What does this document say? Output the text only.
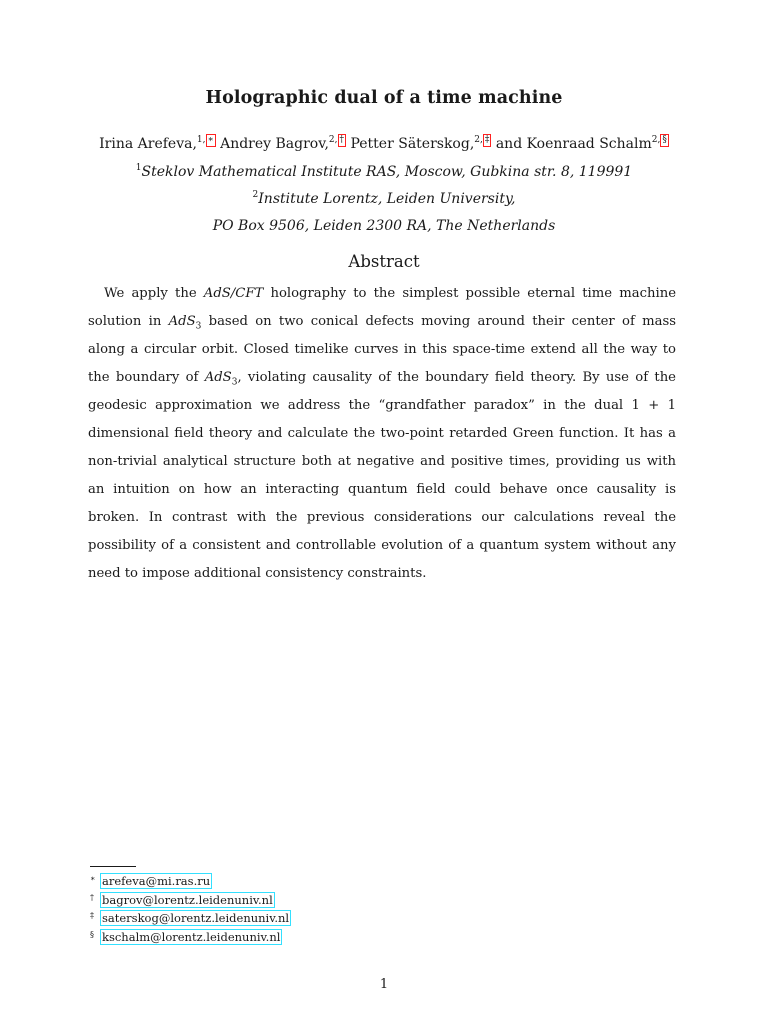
Holographic dual of a time machine
Irina Arefeva,$^{1, ∗}$ Andrey Bagrov,$^{2, \dagger}$ Petter Säterskog,$^{2, \ddagger}$ and Koenraad Schalm$^{2, \S}$
$^1$Steklov Mathematical Institute RAS, Moscow, Gubkina str. 8, 119991
$^2$Institute Lorentz, Leiden University,
PO Box 9506, Leiden 2300 RA, The Netherlands
Abstract
We apply the AdS/CFT holography to the simplest possible eternal time machine solution in AdS$_3$ based on two conical defects moving around their center of mass along a circular orbit. Closed timelike curves in this space-time extend all the way to the boundary of AdS$_3$, violating causality of the boundary field theory. By use of the geodesic approximation we address the “grandfather paradox” in the dual 1 + 1 dimensional field theory and calculate the two-point retarded Green function. It has a non-trivial analytical structure both at negative and positive times, providing us with an intuition on how an interacting quantum field could behave once causality is broken. In contrast with the previous considerations our calculations reveal the possibility of a consistent and controllable evolution of a quantum system without any need to impose additional consistency constraints.
∗ arefeva@mi.ras.ru
† bagrov@lorentz.leidenuniv.nl
‡ saterskog@lorentz.leidenuniv.nl
§ kschalm@lorentz.leidenuniv.nl
1
